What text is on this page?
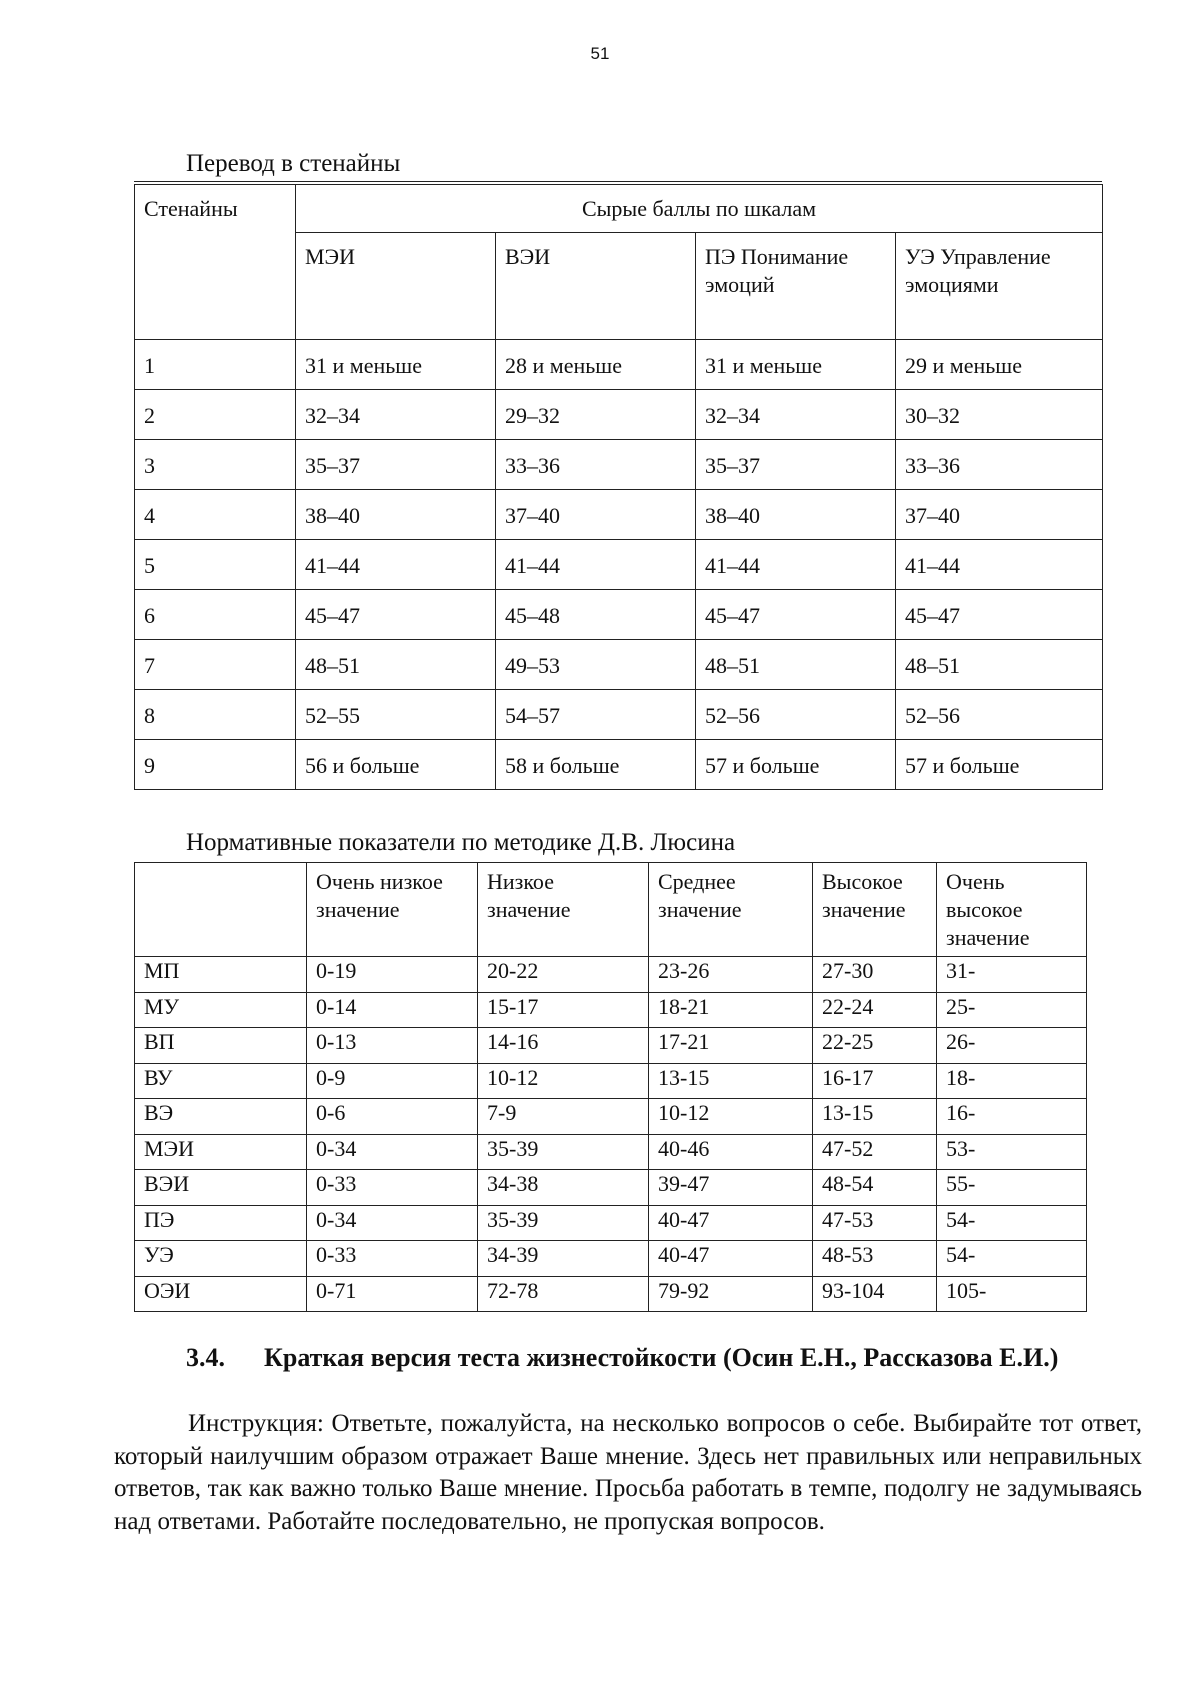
51
Перевод в стенайны
Стенайны	Сырые баллы по шкалам			
	МЭИ	ВЭИ	ПЭ Понимание эмоций	УЭ Управление эмоциями
1	31 и меньше	28 и меньше	31 и меньше	29 и меньше
2	32–34	29–32	32–34	30–32
3	35–37	33–36	35–37	33–36
4	38–40	37–40	38–40	37–40
5	41–44	41–44	41–44	41–44
6	45–47	45–48	45–47	45–47
7	48–51	49–53	48–51	48–51
8	52–55	54–57	52–56	52–56
9	56 и больше	58 и больше	57 и больше	57 и больше
Нормативные показатели по методике Д.В. Люсина
	Очень низкое значение	Низкое значение	Среднее значение	Высокое значение	Очень высокое значение
МП	0-19	20-22	23-26	27-30	31-
МУ	0-14	15-17	18-21	22-24	25-
ВП	0-13	14-16	17-21	22-25	26-
ВУ	0-9	10-12	13-15	16-17	18-
ВЭ	0-6	7-9	10-12	13-15	16-
МЭИ	0-34	35-39	40-46	47-52	53-
ВЭИ	0-33	34-38	39-47	48-54	55-
ПЭ	0-34	35-39	40-47	47-53	54-
УЭ	0-33	34-39	40-47	48-53	54-
ОЭИ	0-71	72-78	79-92	93-104	105-
3.4. Краткая версия теста жизнестойкости (Осин Е.Н., Рассказова Е.И.)
Инструкция: Ответьте, пожалуйста, на несколько вопросов о себе. Выбирайте тот ответ, который наилучшим образом отражает Ваше мнение. Здесь нет правильных или неправильных ответов, так как важно только Ваше мнение. Просьба работать в темпе, подолгу не задумываясь над ответами. Работайте последовательно, не пропуская вопросов.
